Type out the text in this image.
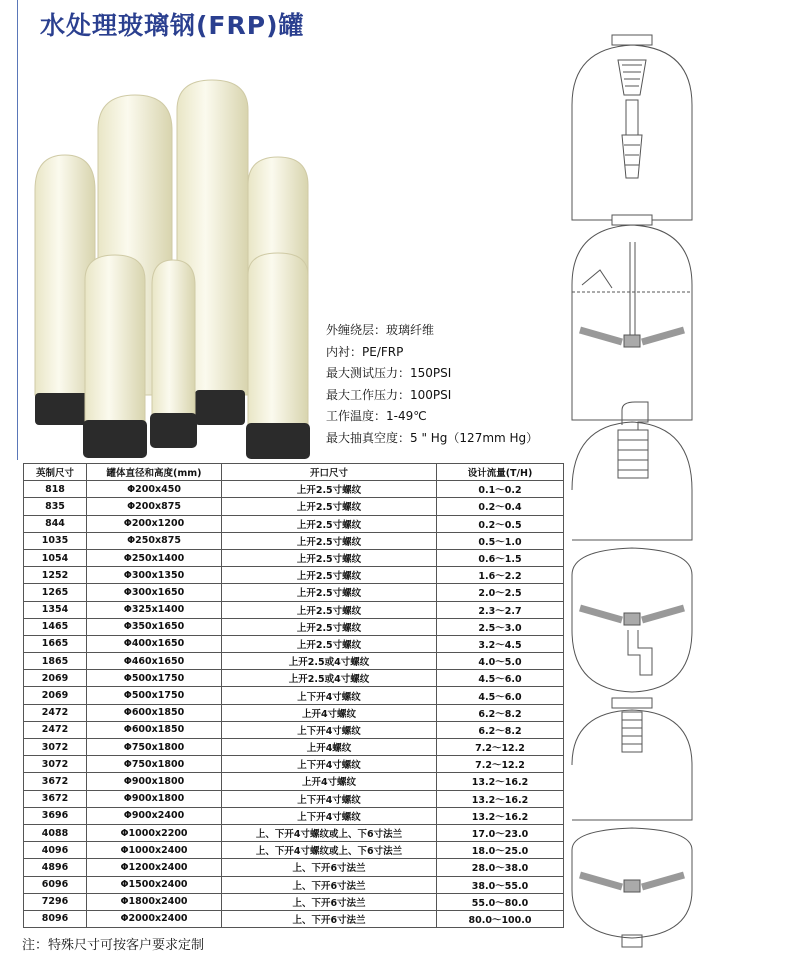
水处理玻璃钢(FRP)罐
外缠绕层：玻璃纤维
内衬：PE/FRP
最大测试压力：150PSI
最大工作压力：100PSI
工作温度：1-49℃
最大抽真空度：5 " Hg（127mm Hg）
英制尺寸	罐体直径和高度(mm)	开口尺寸	设计流量(T/H)
818	Φ200x450	上开2.5寸螺纹	0.1～0.2
835	Φ200x875	上开2.5寸螺纹	0.2～0.4
844	Φ200x1200	上开2.5寸螺纹	0.2～0.5
1035	Φ250x875	上开2.5寸螺纹	0.5～1.0
1054	Φ250x1400	上开2.5寸螺纹	0.6～1.5
1252	Φ300x1350	上开2.5寸螺纹	1.6～2.2
1265	Φ300x1650	上开2.5寸螺纹	2.0～2.5
1354	Φ325x1400	上开2.5寸螺纹	2.3～2.7
1465	Φ350x1650	上开2.5寸螺纹	2.5～3.0
1665	Φ400x1650	上开2.5寸螺纹	3.2～4.5
1865	Φ460x1650	上开2.5或4寸螺纹	4.0～5.0
2069	Φ500x1750	上开2.5或4寸螺纹	4.5～6.0
2069	Φ500x1750	上下开4寸螺纹	4.5～6.0
2472	Φ600x1850	上开4寸螺纹	6.2～8.2
2472	Φ600x1850	上下开4寸螺纹	6.2～8.2
3072	Φ750x1800	上开4螺纹	7.2～12.2
3072	Φ750x1800	上下开4寸螺纹	7.2～12.2
3672	Φ900x1800	上开4寸螺纹	13.2～16.2
3672	Φ900x1800	上下开4寸螺纹	13.2～16.2
3696	Φ900x2400	上下开4寸螺纹	13.2～16.2
4088	Φ1000x2200	上、下开4寸螺纹或上、下6寸法兰	17.0～23.0
4096	Φ1000x2400	上、下开4寸螺纹或上、下6寸法兰	18.0～25.0
4896	Φ1200x2400	上、下开6寸法兰	28.0～38.0
6096	Φ1500x2400	上、下开6寸法兰	38.0～55.0
7296	Φ1800x2400	上、下开6寸法兰	55.0～80.0
8096	Φ2000x2400	上、下开6寸法兰	80.0～100.0
注：特殊尺寸可按客户要求定制
